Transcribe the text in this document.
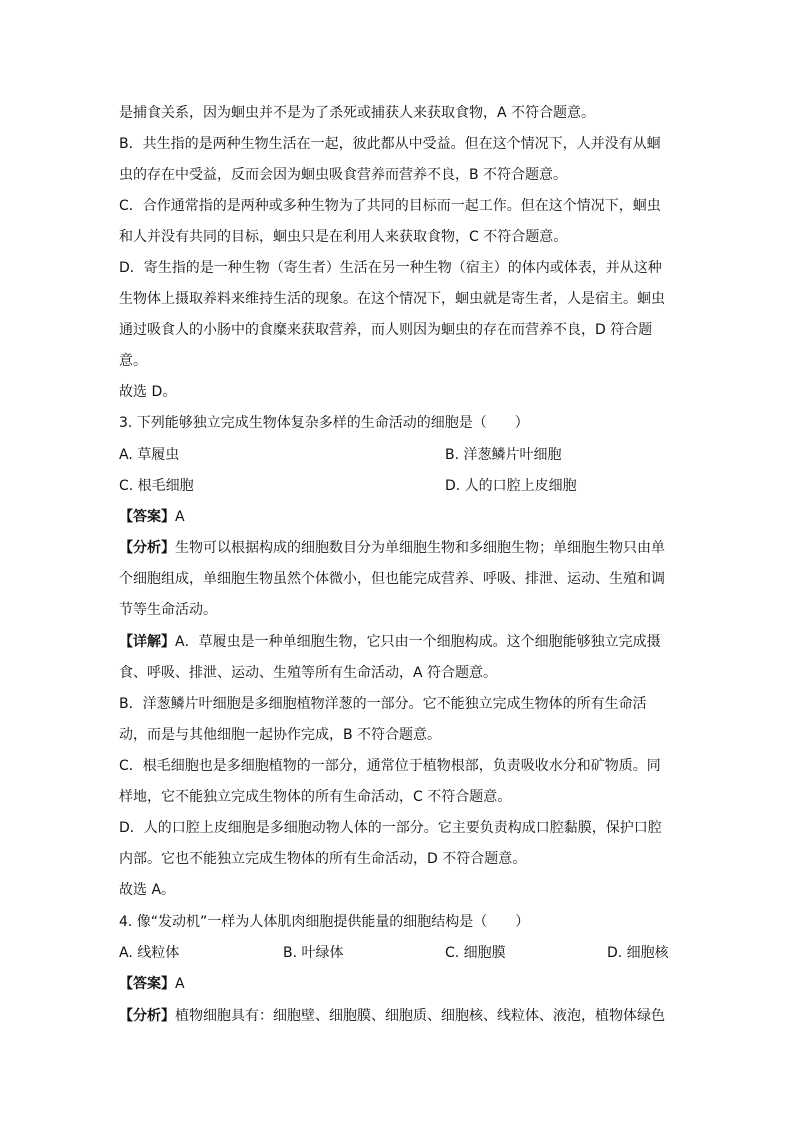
是捕食关系，因为蛔虫并不是为了杀死或捕获人来获取食物，A 不符合题意。
B．共生指的是两种生物生活在一起，彼此都从中受益。但在这个情况下，人并没有从蛔
虫的存在中受益，反而会因为蛔虫吸食营养而营养不良，B 不符合题意。
C．合作通常指的是两种或多种生物为了共同的目标而一起工作。但在这个情况下，蛔虫
和人并没有共同的目标，蛔虫只是在利用人来获取食物，C 不符合题意。
D．寄生指的是一种生物（寄生者）生活在另一种生物（宿主）的体内或体表，并从这种
生物体上摄取养料来维持生活的现象。在这个情况下，蛔虫就是寄生者，人是宿主。蛔虫
通过吸食人的小肠中的食糜来获取营养，而人则因为蛔虫的存在而营养不良，D 符合题
意。
故选 D。
3. 下列能够独立完成生物体复杂多样的生命活动的细胞是（　　）
A. 草履虫	B. 洋葱鳞片叶细胞
C. 根毛细胞	D. 人的口腔上皮细胞
【答案】A
【分析】生物可以根据构成的细胞数目分为单细胞生物和多细胞生物；单细胞生物只由单
个细胞组成，单细胞生物虽然个体微小，但也能完成营养、呼吸、排泄、运动、生殖和调
节等生命活动。
【详解】A．草履虫是一种单细胞生物，它只由一个细胞构成。这个细胞能够独立完成摄
食、呼吸、排泄、运动、生殖等所有生命活动，A 符合题意。
B．洋葱鳞片叶细胞是多细胞植物洋葱的一部分。它不能独立完成生物体的所有生命活
动，而是与其他细胞一起协作完成，B 不符合题意。
C．根毛细胞也是多细胞植物的一部分，通常位于植物根部，负责吸收水分和矿物质。同
样地，它不能独立完成生物体的所有生命活动，C 不符合题意。
D．人的口腔上皮细胞是多细胞动物人体的一部分。它主要负责构成口腔黏膜，保护口腔
内部。它也不能独立完成生物体的所有生命活动，D 不符合题意。
故选 A。
4. 像“发动机”一样为人体肌肉细胞提供能量的细胞结构是（　　）
A. 线粒体	B. 叶绿体	C. 细胞膜	D. 细胞核
【答案】A
【分析】植物细胞具有：细胞壁、细胞膜、细胞质、细胞核、线粒体、液泡，植物体绿色
